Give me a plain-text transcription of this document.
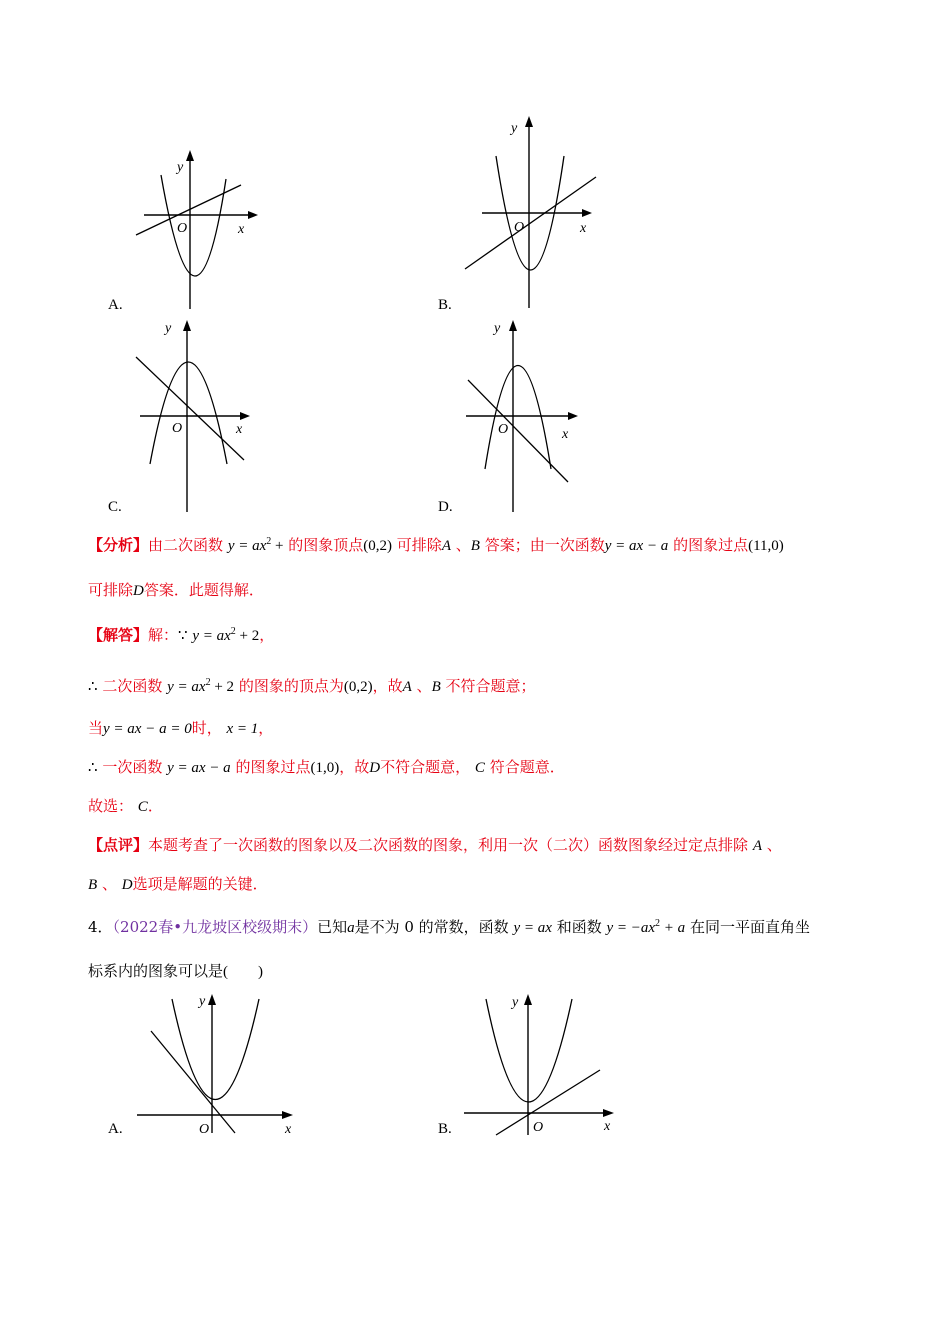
y
x
O
A.
y
x
O
B.
y
x
O
C.
y
x
O
D.
【分析】由二次函数 $y = ax^2$ + 的图象顶点(0,2) 可排除A 、B 答案；由一次函数y = ax − a 的图象过点(11,0)
可排除D答案．此题得解．
【解答】解：∵ $y = ax^2 + 2$，
∴ 二次函数 $y = ax^2 + 2$ 的图象的顶点为(0,2)，故A 、B 不符合题意；
当y = ax − a = 0时， x = 1，
∴ 一次函数 y = ax − a 的图象过点(1,0)，故D不符合题意， C 符合题意．
故选： C．
【点评】本题考查了一次函数的图象以及二次函数的图象，利用一次（二次）函数图象经过定点排除 A 、
B 、 D选项是解题的关键．
4．（2022春•九龙坡区校级期末）已知a是不为 0 的常数，函数 y = ax 和函数 $y = -ax^2 + a$ 在同一平面直角坐
标系内的图象可以是(　　)
y
x
O
A.
y
x
O
B.
